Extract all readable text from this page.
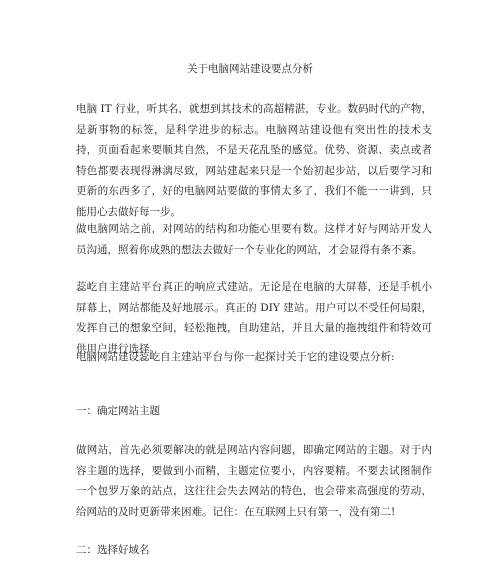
关于电脑网站建设要点分析
电脑 IT 行业，听其名，就想到其技术的高超精湛，专业。数码时代的产物，是新事物的标签，是科学进步的标志。电脑网站建设他有突出性的技术支持，页面看起来要顺其自然，不是天花乱坠的感觉。优势、资源、卖点或者特色都要表现得淋漓尽致，网站建起来只是一个始初起步站，以后要学习和更新的东西多了，好的电脑网站要做的事情太多了，我们不能一一讲到，只能用心去做好每一步。
做电脑网站之前，对网站的结构和功能心里要有数。这样才好与网站开发人员沟通，照着你成熟的想法去做好一个专业化的网站，才会显得有条不紊。
蕊屹自主建站平台真正的响应式建站。无论是在电脑的大屏幕，还是手机小屏幕上，网站都能及好地展示。真正的 DIY 建站。用户可以不受任何局限，发挥自己的想象空间，轻松拖拽，自助建站，并且大量的拖拽组件和特效可供用户进行选择。
电脑网站建设蕊屹自主建站平台与你一起探讨关于它的建设要点分析:
一：确定网站主题
做网站，首先必须要解决的就是网站内容问题，即确定网站的主题。对于内容主题的选择，要做到小而精，主题定位要小，内容要精。不要去试图制作一个包罗万象的站点，这往往会失去网站的特色，也会带来高强度的劳动，给网站的及时更新带来困难。记住：在互联网上只有第一，没有第二!
二：选择好域名
